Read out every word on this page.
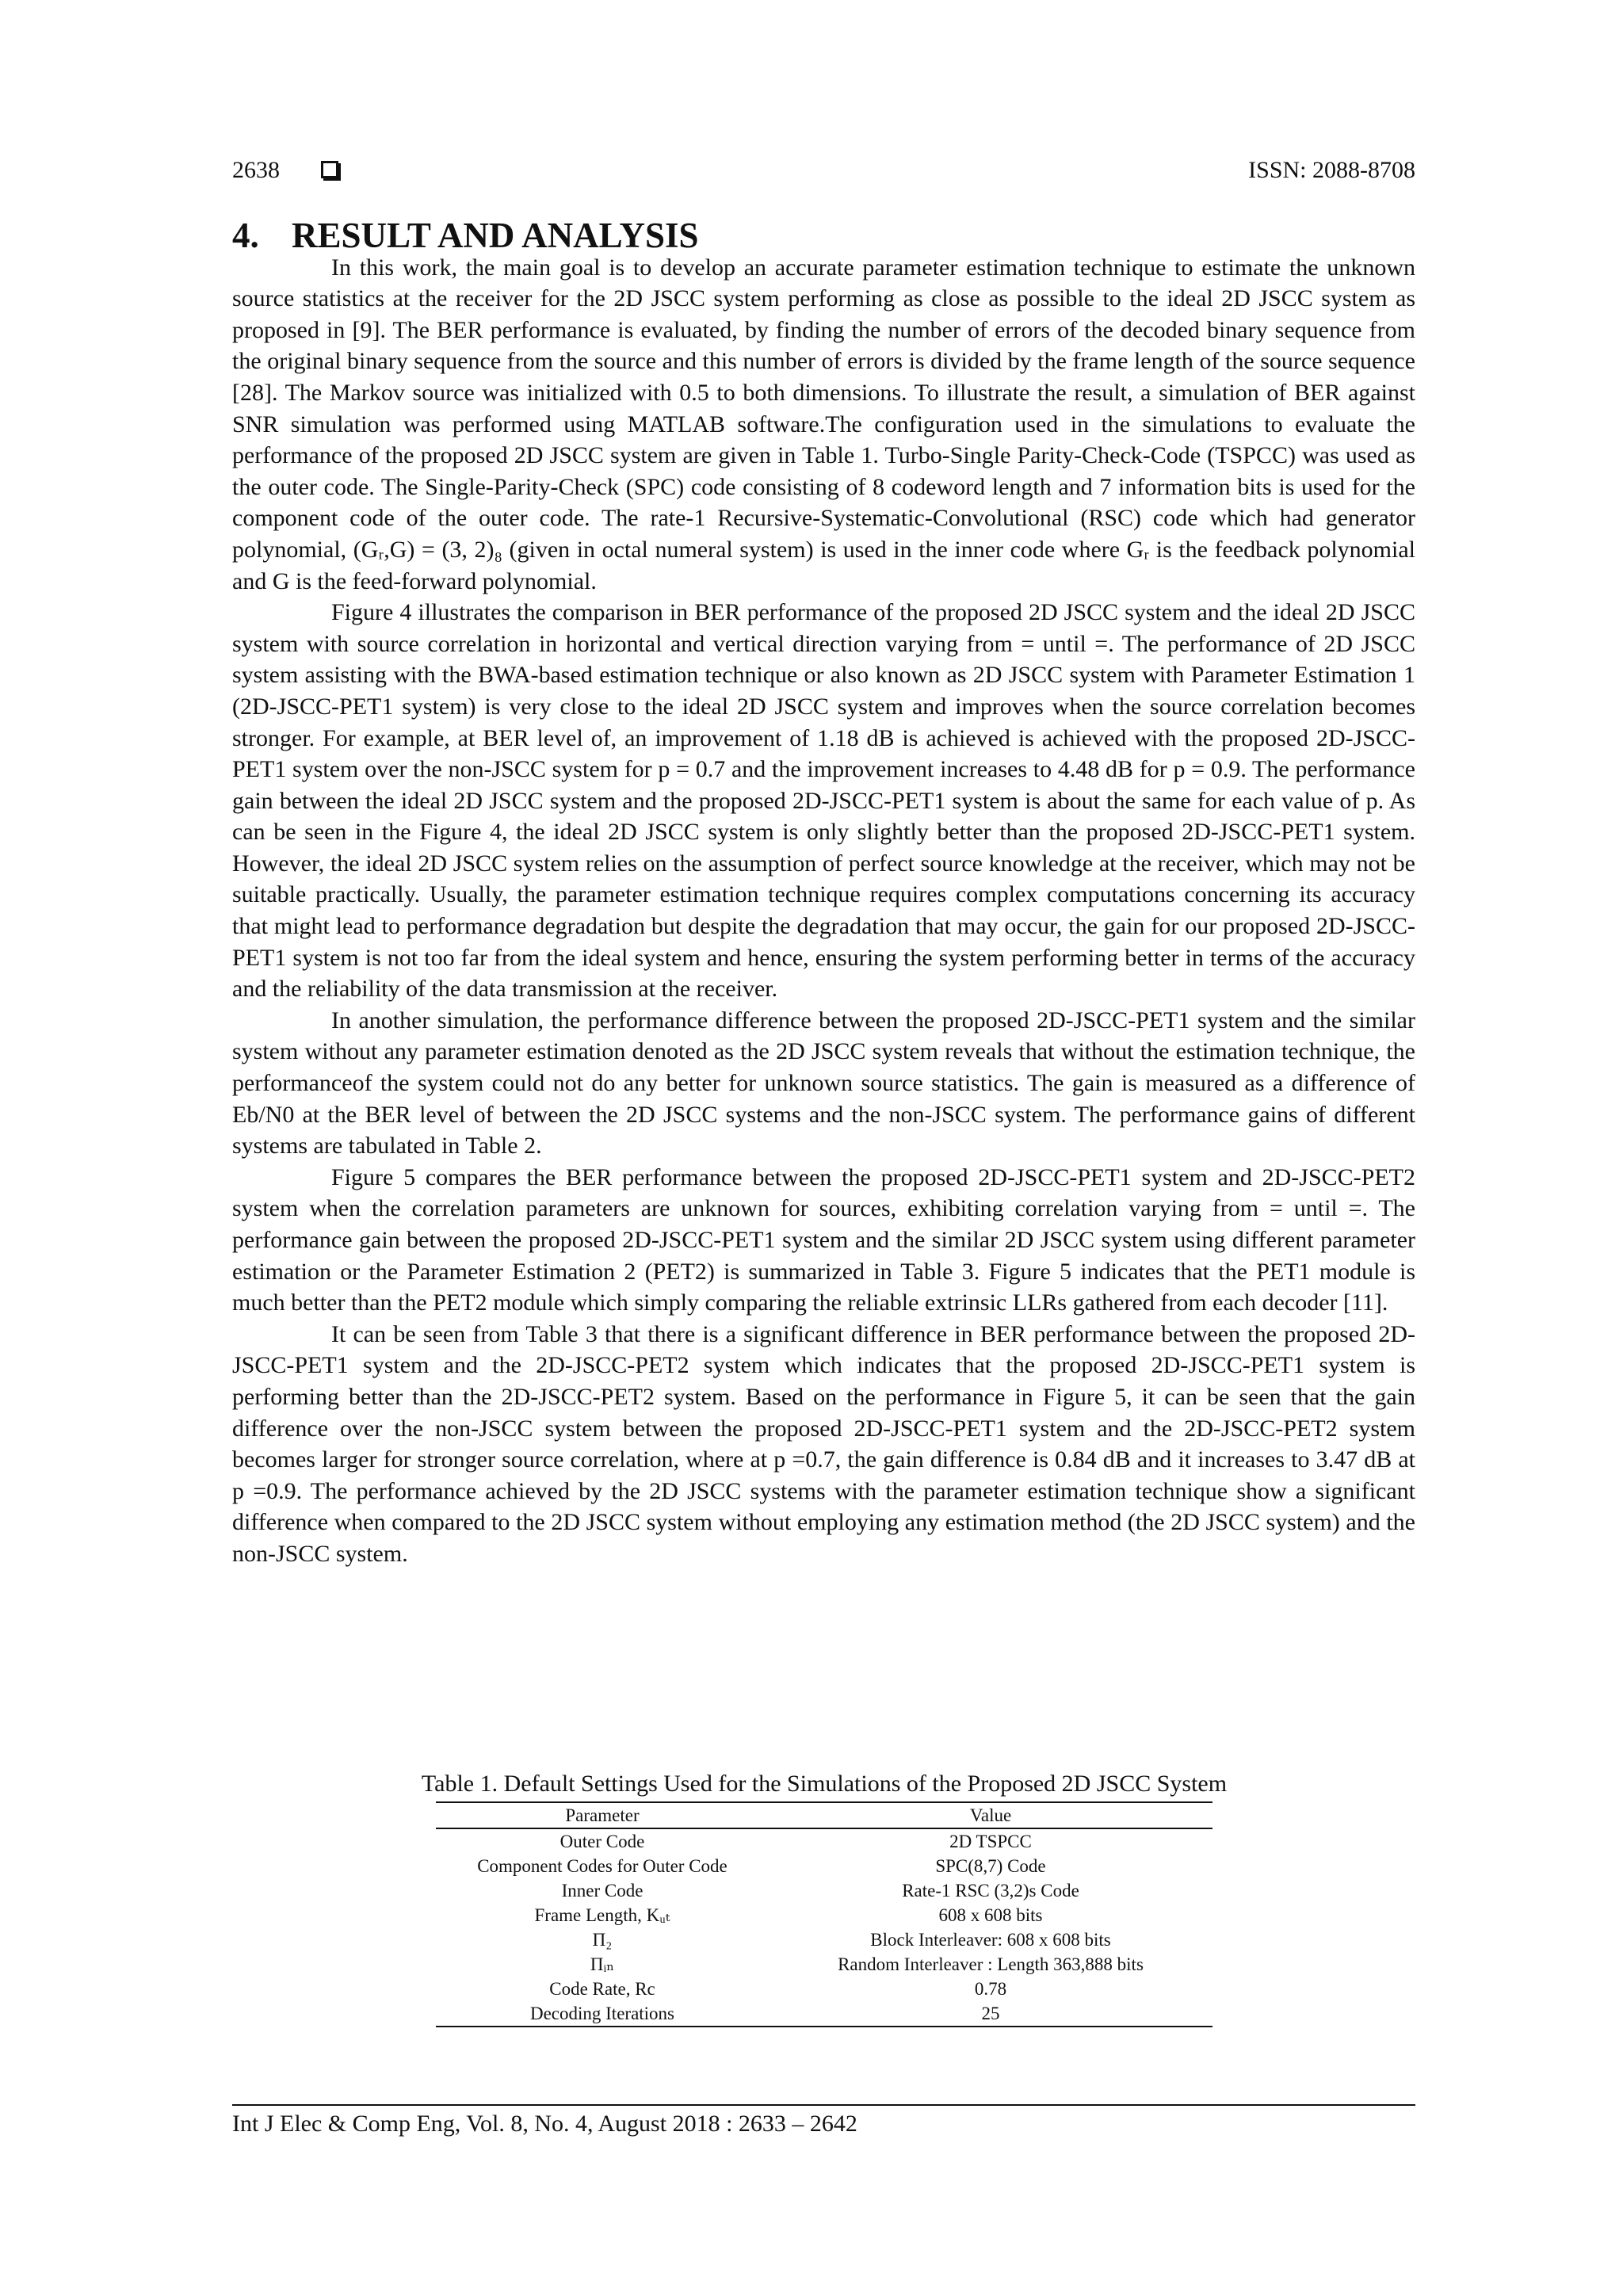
2638	ISSN: 2088-8708
4. RESULT AND ANALYSIS

In this work, the main goal is to develop an accurate parameter estimation technique to estimate the unknown source statistics at the receiver for the 2D JSCC system performing as close as possible to the ideal 2D JSCC system as proposed in [9]. The BER performance is evaluated, by finding the number of errors of the decoded binary sequence from the original binary sequence from the source and this number of errors is divided by the frame length of the source sequence [28]. The Markov source was initialized with 0.5 to both dimensions. To illustrate the result, a simulation of BER against SNR simulation was performed using MATLAB software.The configuration used in the simulations to evaluate the performance of the proposed 2D JSCC system are given in Table 1. Turbo-Single Parity-Check-Code (TSPCC) was used as the outer code. The Single-Parity-Check (SPC) code consisting of 8 codeword length and 7 information bits is used for the component code of the outer code. The rate-1 Recursive-Systematic-Convolutional (RSC) code which had generator polynomial, (Gᵣ,G) = (3, 2)₈ (given in octal numeral system) is used in the inner code where Gᵣ is the feedback polynomial and G is the feed-forward polynomial.

Figure 4 illustrates the comparison in BER performance of the proposed 2D JSCC system and the ideal 2D JSCC system with source correlation in horizontal and vertical direction varying from = until =. The performance of 2D JSCC system assisting with the BWA-based estimation technique or also known as 2D JSCC system with Parameter Estimation 1 (2D-JSCC-PET1 system) is very close to the ideal 2D JSCC system and improves when the source correlation becomes stronger. For example, at BER level of, an improvement of 1.18 dB is achieved is achieved with the proposed 2D-JSCC-PET1 system over the non-JSCC system for p = 0.7 and the improvement increases to 4.48 dB for p = 0.9. The performance gain between the ideal 2D JSCC system and the proposed 2D-JSCC-PET1 system is about the same for each value of p. As can be seen in the Figure 4, the ideal 2D JSCC system is only slightly better than the proposed 2D-JSCC-PET1 system. However, the ideal 2D JSCC system relies on the assumption of perfect source knowledge at the receiver, which may not be suitable practically. Usually, the parameter estimation technique requires complex computations concerning its accuracy that might lead to performance degradation but despite the degradation that may occur, the gain for our proposed 2D-JSCC-PET1 system is not too far from the ideal system and hence, ensuring the system performing better in terms of the accuracy and the reliability of the data transmission at the receiver.

In another simulation, the performance difference between the proposed 2D-JSCC-PET1 system and the similar system without any parameter estimation denoted as the 2D JSCC system reveals that without the estimation technique, the performanceof the system could not do any better for unknown source statistics. The gain is measured as a difference of Eb/N0 at the BER level of between the 2D JSCC systems and the non-JSCC system. The performance gains of different systems are tabulated in Table 2.

Figure 5 compares the BER performance between the proposed 2D-JSCC-PET1 system and 2D-JSCC-PET2 system when the correlation parameters are unknown for sources, exhibiting correlation varying from = until =. The performance gain between the proposed 2D-JSCC-PET1 system and the similar 2D JSCC system using different parameter estimation or the Parameter Estimation 2 (PET2) is summarized in Table 3. Figure 5 indicates that the PET1 module is much better than the PET2 module which simply comparing the reliable extrinsic LLRs gathered from each decoder [11].

It can be seen from Table 3 that there is a significant difference in BER performance between the proposed 2D-JSCC-PET1 system and the 2D-JSCC-PET2 system which indicates that the proposed 2D-JSCC-PET1 system is performing better than the 2D-JSCC-PET2 system. Based on the performance in Figure 5, it can be seen that the gain difference over the non-JSCC system between the proposed 2D-JSCC-PET1 system and the 2D-JSCC-PET2 system becomes larger for stronger source correlation, where at p =0.7, the gain difference is 0.84 dB and it increases to 3.47 dB at p =0.9. The performance achieved by the 2D JSCC systems with the parameter estimation technique show a significant difference when compared to the 2D JSCC system without employing any estimation method (the 2D JSCC system) and the non-JSCC system.

Table 1. Default Settings Used for the Simulations of the Proposed 2D JSCC System
Parameter	Value
Outer Code	2D TSPCC
Component Codes for Outer Code	SPC(8,7) Code
Inner Code	Rate-1 RSC (3,2)s Code
Frame Length, Kᵤₜ	608 x 608 bits
Π₂	Block Interleaver: 608 x 608 bits
Πᵢₙ	Random Interleaver : Length 363,888 bits
Code Rate, Rc	0.78
Decoding Iterations	25
Int J Elec & Comp Eng, Vol. 8, No. 4, August 2018 : 2633 – 2642
